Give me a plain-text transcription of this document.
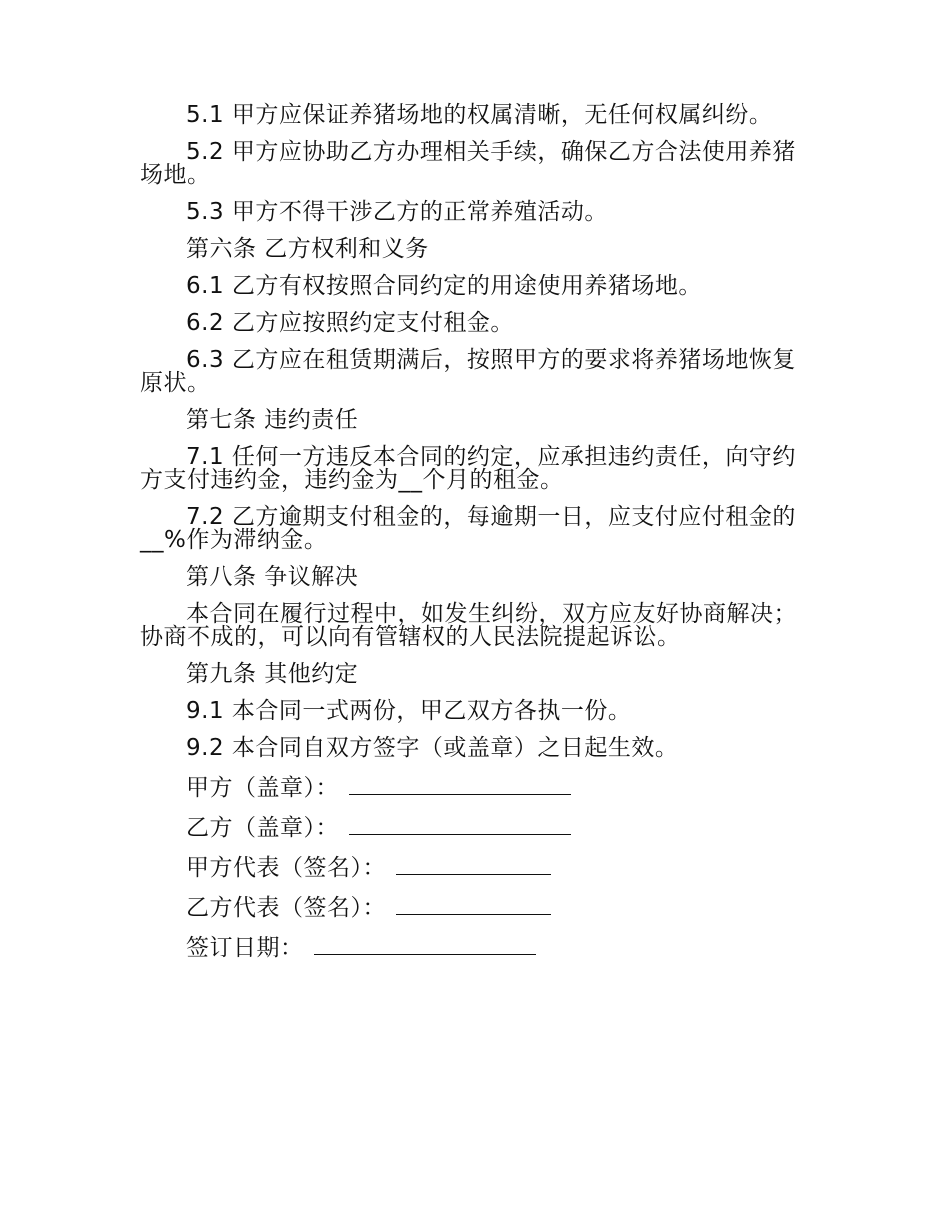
5.1 甲方应保证养猪场地的权属清晰，无任何权属纠纷。

5.2 甲方应协助乙方办理相关手续，确保乙方合法使用养猪场地。

5.3 甲方不得干涉乙方的正常养殖活动。

第六条 乙方权利和义务

6.1 乙方有权按照合同约定的用途使用养猪场地。

6.2 乙方应按照约定支付租金。

6.3 乙方应在租赁期满后，按照甲方的要求将养猪场地恢复原状。

第七条 违约责任

7.1 任何一方违反本合同的约定，应承担违约责任，向守约方支付违约金，违约金为__个月的租金。

7.2 乙方逾期支付租金的，每逾期一日，应支付应付租金的__%作为滞纳金。

第八条 争议解决

本合同在履行过程中，如发生纠纷，双方应友好协商解决；协商不成的，可以向有管辖权的人民法院提起诉讼。

第九条 其他约定

9.1 本合同一式两份，甲乙双方各执一份。

9.2 本合同自双方签字（或盖章）之日起生效。

甲方（盖章）：
乙方（盖章）：
甲方代表（签名）：
乙方代表（签名）：
签订日期：
